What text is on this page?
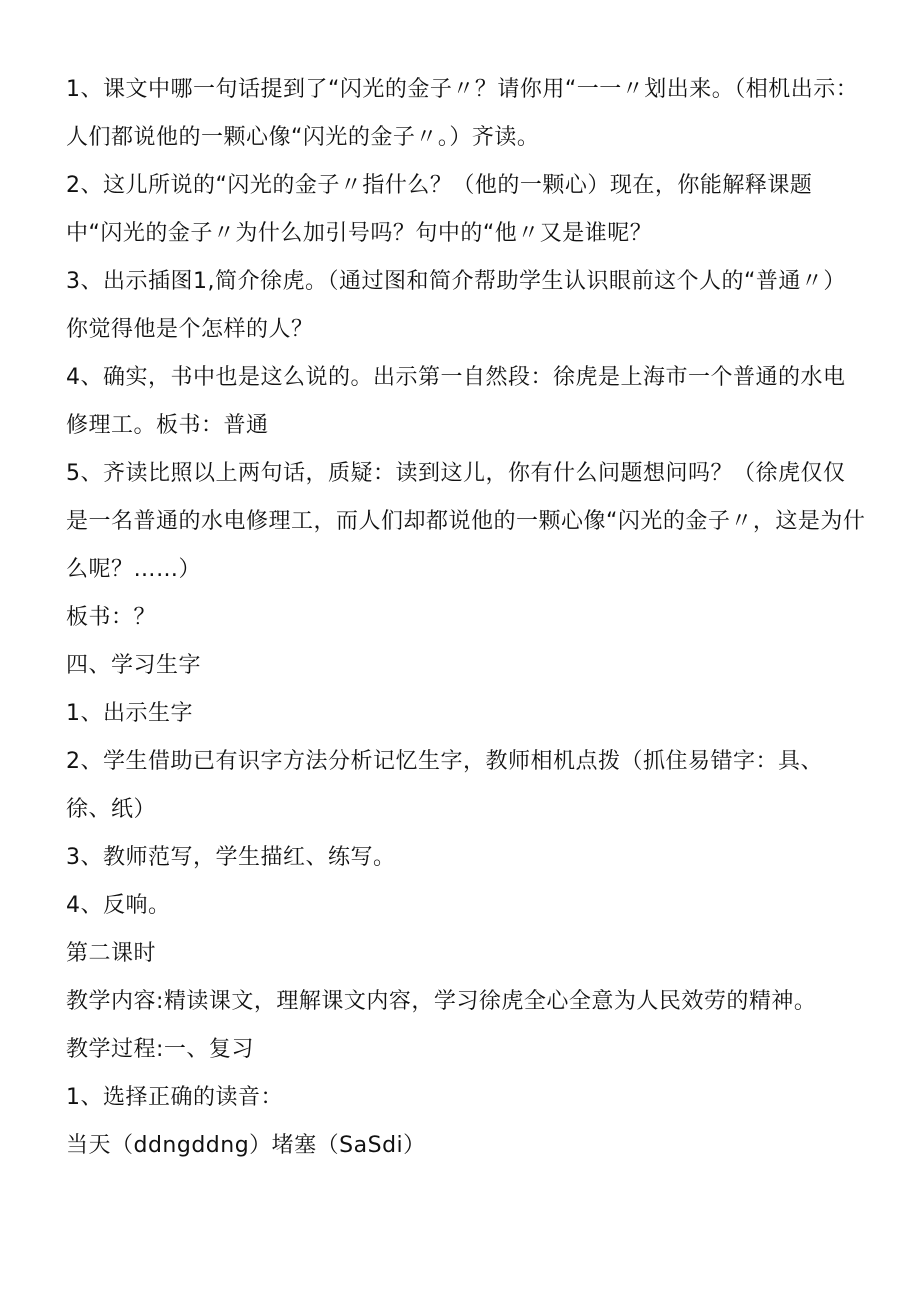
1、课文中哪一句话提到了“闪光的金子〃？请你用“一一〃划出来。（相机出示：人们都说他的一颗心像“闪光的金子〃。）齐读。

2、这儿所说的“闪光的金子〃指什么？（他的一颗心）现在，你能解释课题中“闪光的金子〃为什么加引号吗？句中的“他〃又是谁呢？

3、出示插图1,简介徐虎。（通过图和简介帮助学生认识眼前这个人的“普通〃）你觉得他是个怎样的人？

4、确实，书中也是这么说的。出示第一自然段：徐虎是上海市一个普通的水电修理工。板书：普通

5、齐读比照以上两句话，质疑：读到这儿，你有什么问题想问吗？（徐虎仅仅是一名普通的水电修理工，而人们却都说他的一颗心像“闪光的金子〃，这是为什么呢？……）

板书：？

四、学习生字

1、出示生字

2、学生借助已有识字方法分析记忆生字，教师相机点拨（抓住易错字：具、徐、纸）

3、教师范写，学生描红、练写。

4、反响。

第二课时

教学内容:精读课文，理解课文内容，学习徐虎全心全意为人民效劳的精神。

教学过程:一、复习

1、选择正确的读音：

当天（ddngddng）堵塞（SaSdi）
